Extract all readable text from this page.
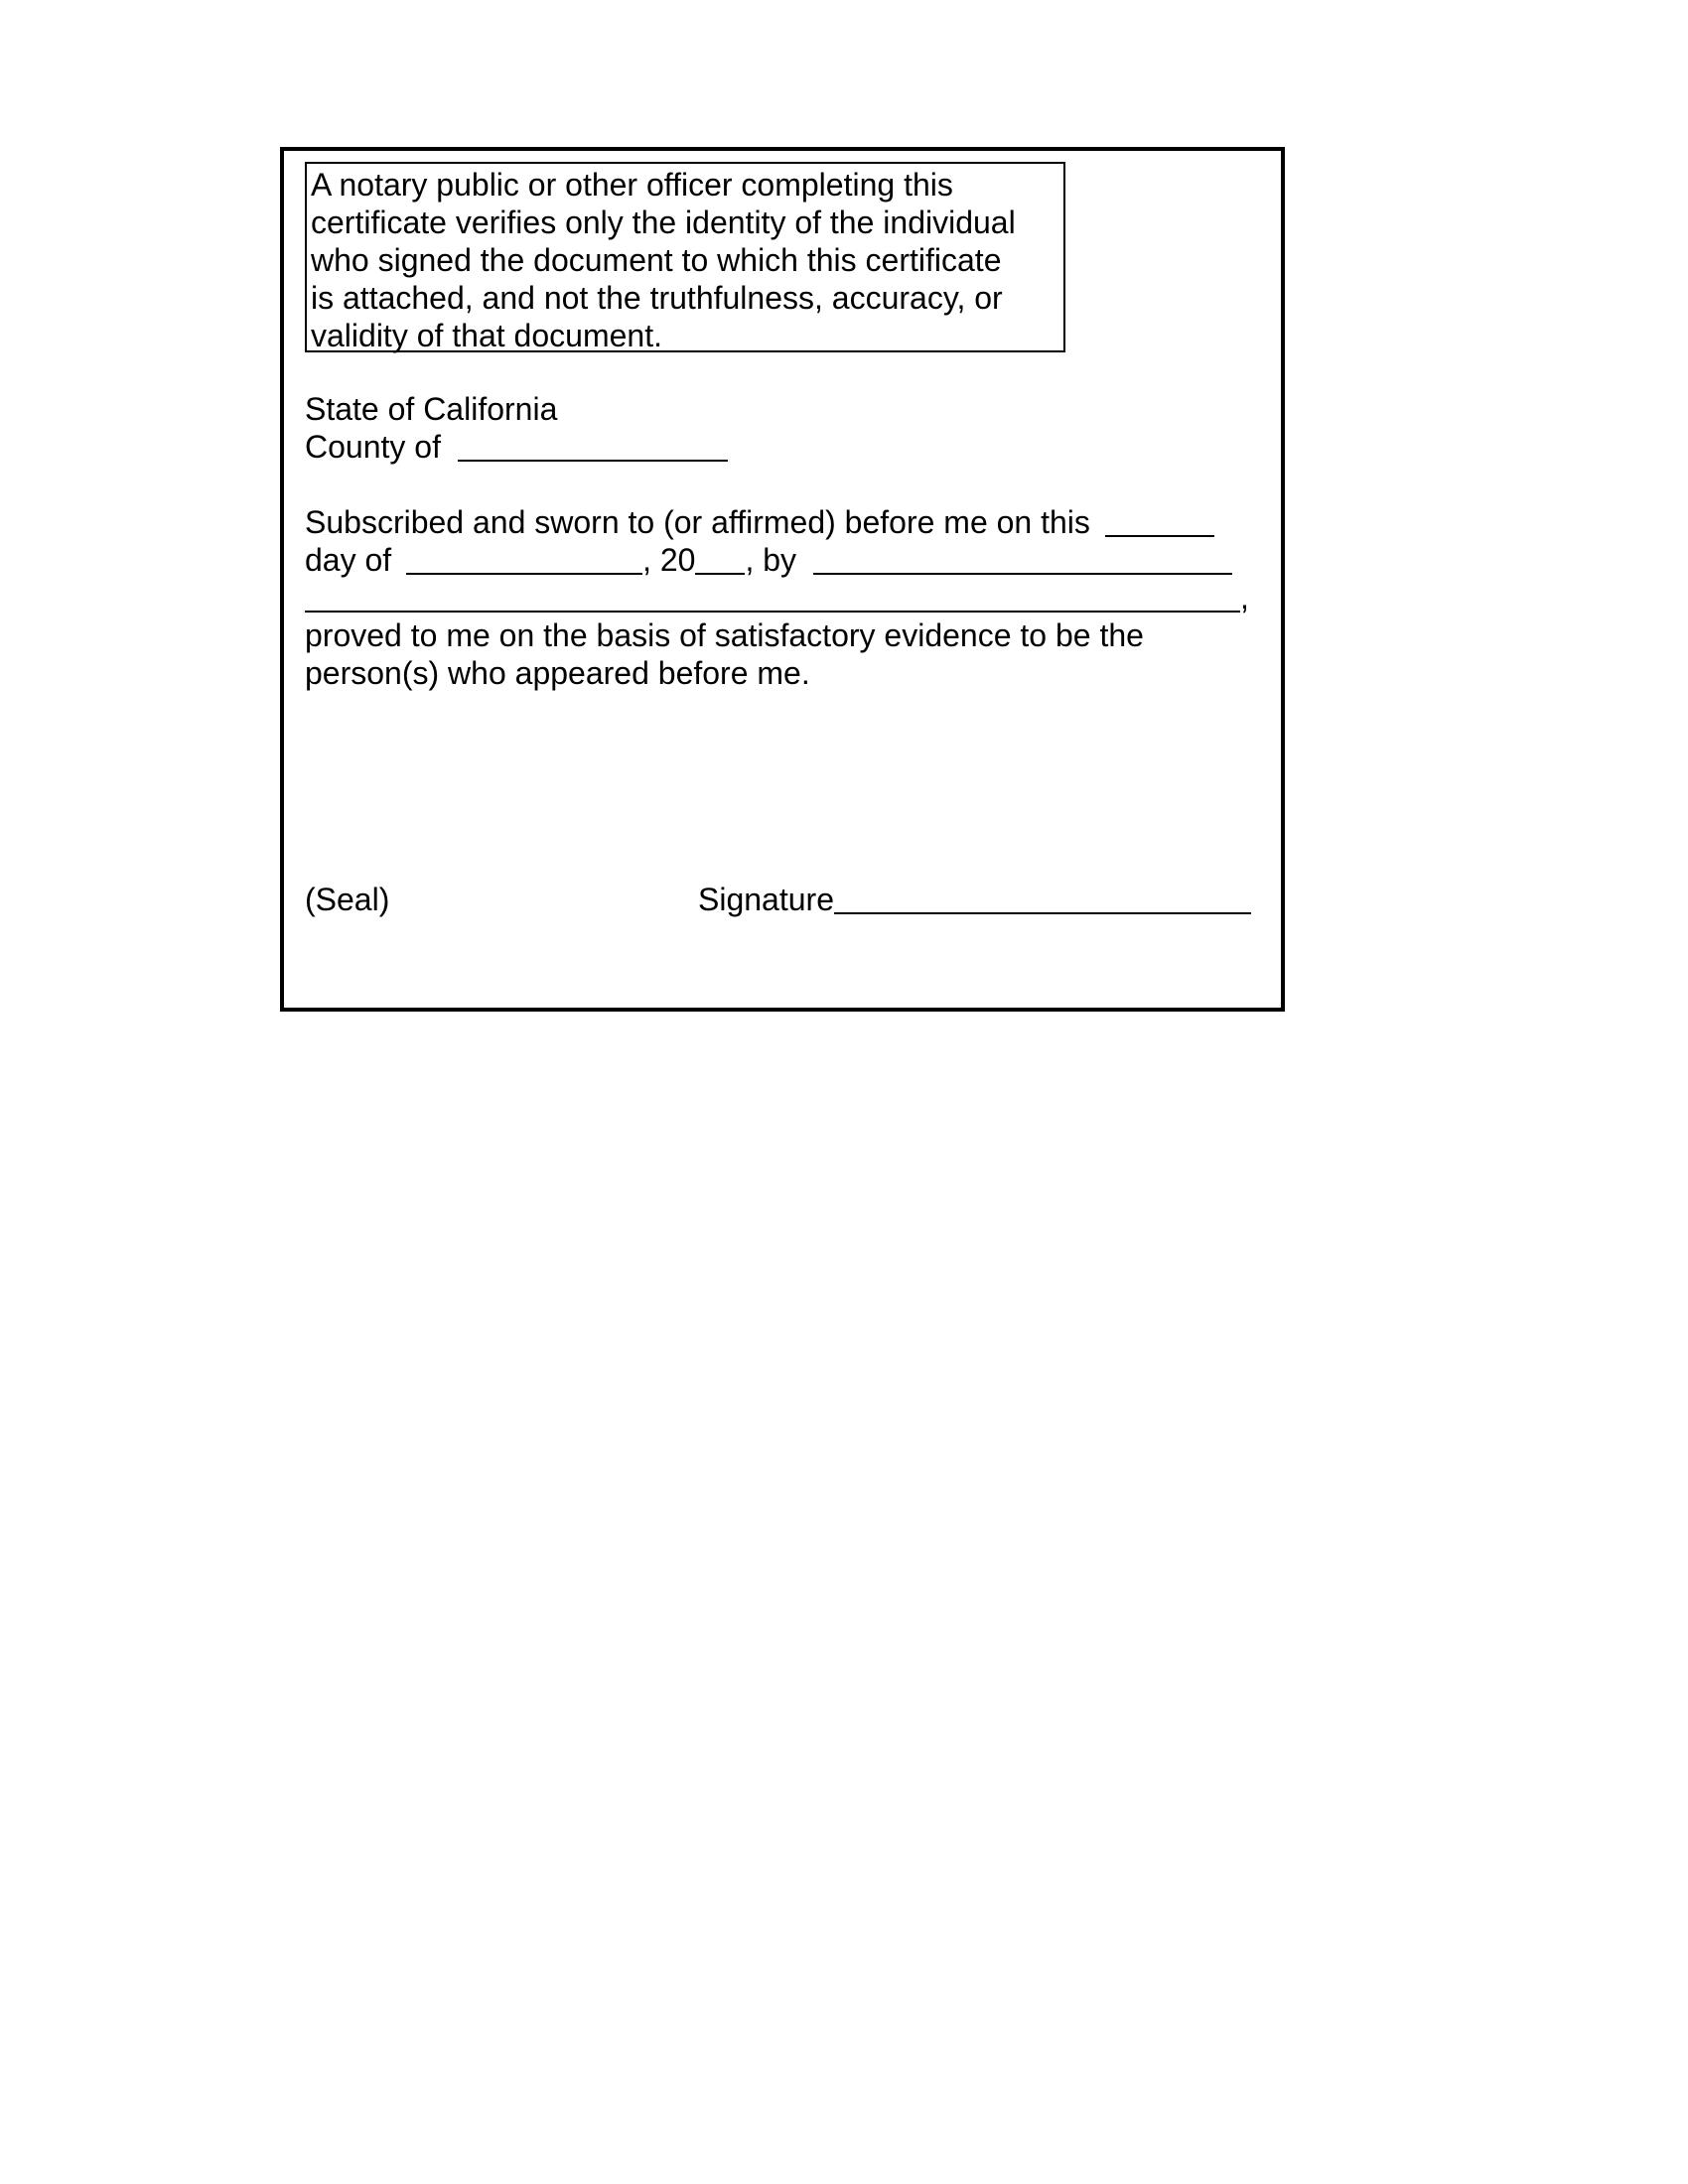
A notary public or other officer completing this
certificate verifies only the identity of the individual
who signed the document to which this certificate
is attached, and not the truthfulness, accuracy, or
validity of that document.
State of California
County of
Subscribed and sworn to (or affirmed) before me on this
day of	, 20 , by
,
proved to me on the basis of satisfactory evidence to be the
person(s) who appeared before me.
(Seal)	Signature
